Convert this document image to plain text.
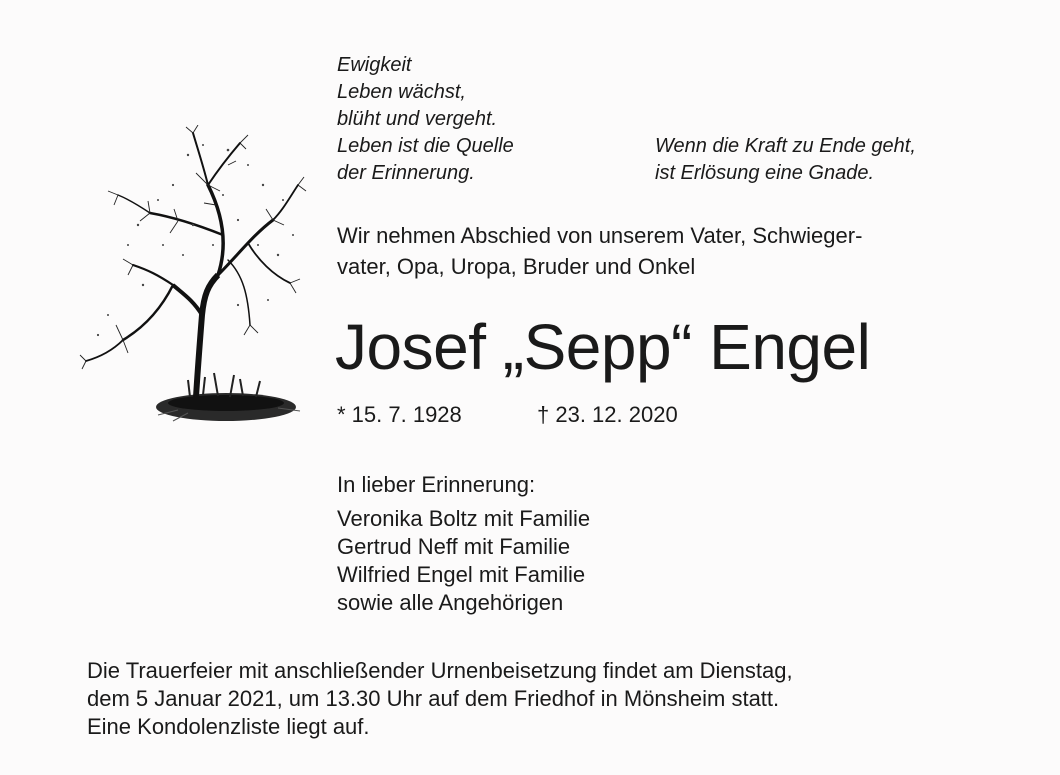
Ewigkeit
Leben wächst,
blüht und vergeht.
Leben ist die Quelle
der Erinnerung.
Wenn die Kraft zu Ende geht,
ist Erlösung eine Gnade.
Wir nehmen Abschied von unserem Vater, Schwieger-
vater, Opa, Uropa, Bruder und Onkel
Josef „Sepp“ Engel
* 15. 7. 1928	† 23. 12. 2020
In lieber Erinnerung:
Veronika Boltz mit Familie
Gertrud Neff mit Familie
Wilfried Engel mit Familie
sowie alle Angehörigen
Die Trauerfeier mit anschließender Urnenbeisetzung findet am Dienstag,
dem 5 Januar 2021, um 13.30 Uhr auf dem Friedhof in Mönsheim statt.
Eine Kondolenzliste liegt auf.
